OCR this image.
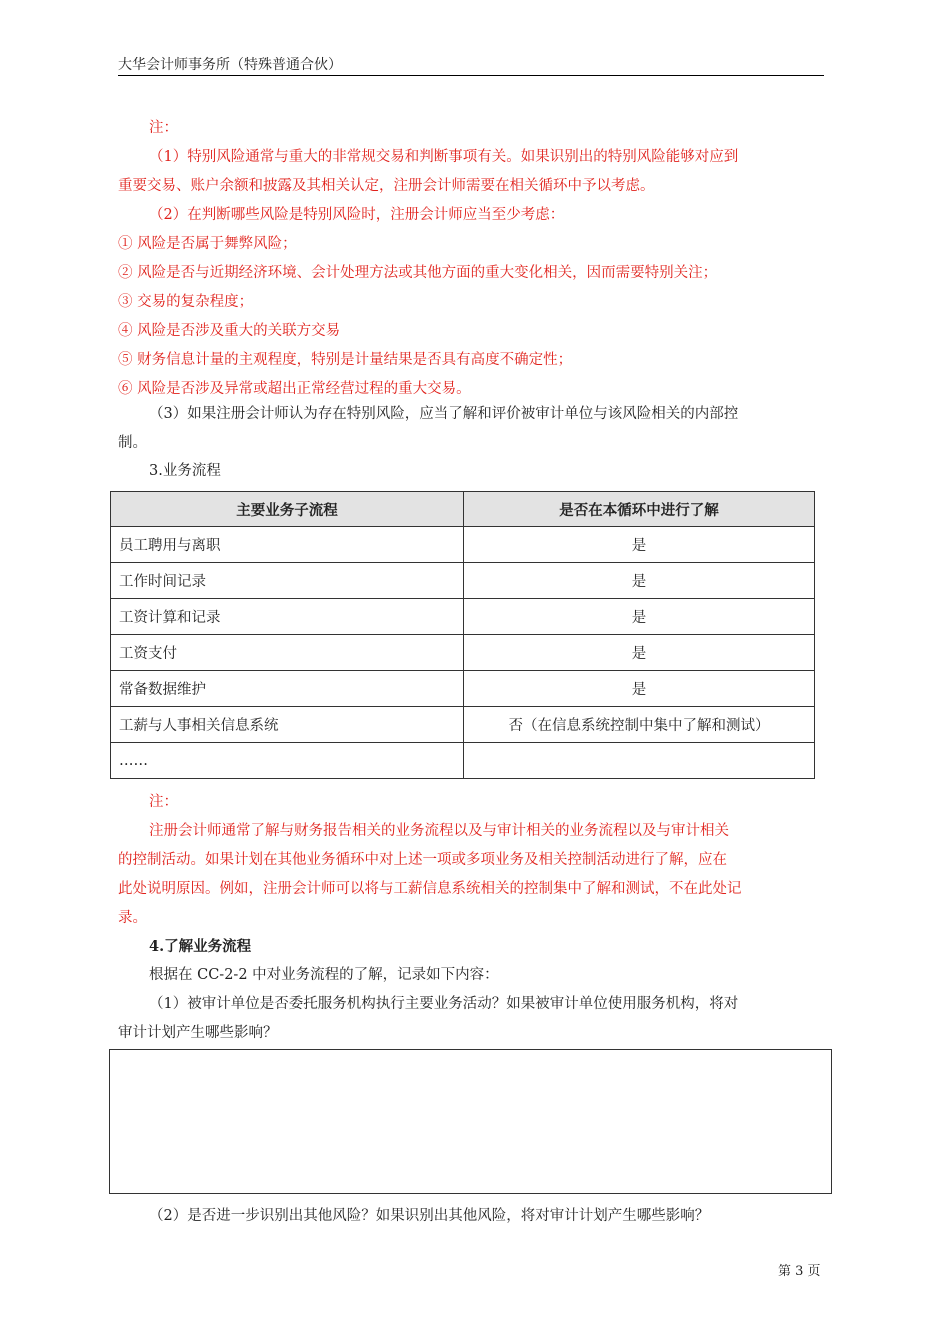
大华会计师事务所（特殊普通合伙）
注：
（1）特别风险通常与重大的非常规交易和判断事项有关。如果识别出的特别风险能够对应到
重要交易、账户余额和披露及其相关认定，注册会计师需要在相关循环中予以考虑。
（2）在判断哪些风险是特别风险时，注册会计师应当至少考虑：
① 风险是否属于舞弊风险；
② 风险是否与近期经济环境、会计处理方法或其他方面的重大变化相关，因而需要特别关注；
③ 交易的复杂程度；
④ 风险是否涉及重大的关联方交易
⑤ 财务信息计量的主观程度，特别是计量结果是否具有高度不确定性；
⑥ 风险是否涉及异常或超出正常经营过程的重大交易。
（3）如果注册会计师认为存在特别风险，应当了解和评价被审计单位与该风险相关的内部控
制。
3.业务流程
主要业务子流程	是否在本循环中进行了解
员工聘用与离职	是
工作时间记录	是
工资计算和记录	是
工资支付	是
常备数据维护	是
工薪与人事相关信息系统	否（在信息系统控制中集中了解和测试）
……	
注：
注册会计师通常了解与财务报告相关的业务流程以及与审计相关的业务流程以及与审计相关
的控制活动。如果计划在其他业务循环中对上述一项或多项业务及相关控制活动进行了解，应在
此处说明原因。例如，注册会计师可以将与工薪信息系统相关的控制集中了解和测试，不在此处记
录。
4.了解业务流程
根据在 CC-2-2 中对业务流程的了解，记录如下内容：
（1）被审计单位是否委托服务机构执行主要业务活动？如果被审计单位使用服务机构，将对
审计计划产生哪些影响？
（2）是否进一步识别出其他风险？如果识别出其他风险，将对审计计划产生哪些影响？
第 3 页
